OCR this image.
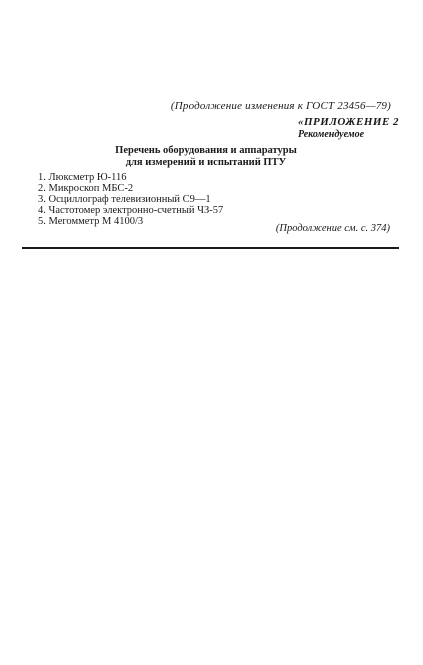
(Продолжение изменения к ГОСТ 23456—79)
«ПРИЛОЖЕНИЕ 2
Рекомендуемое
Перечень оборудования и аппаратуры
для измерений и испытаний ПТУ
1. Люксметр Ю-116
2. Микроскоп МБС-2
3. Осциллограф телевизионный С9—1
4. Частотомер электронно-счетный ЧЗ-57
5. Мегомметр М 4100/3
(Продолжение см. с. 374)
